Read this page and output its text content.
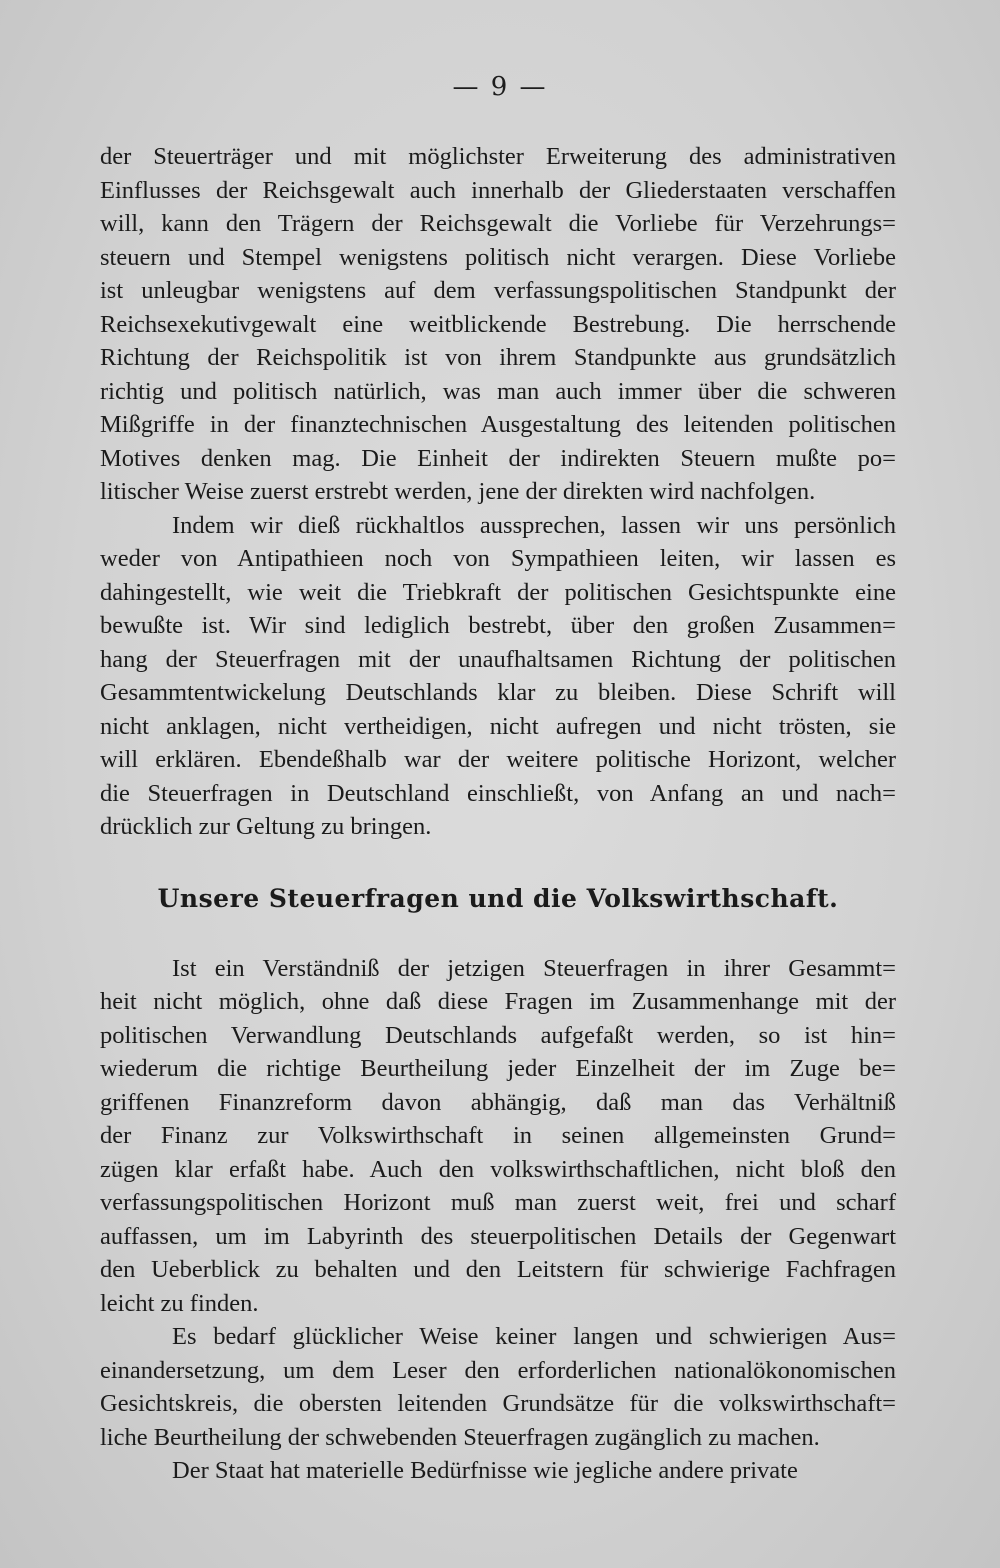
— 9 —
der Steuerträger und mit möglichster Erweiterung des administrativen
Einflusses der Reichsgewalt auch innerhalb der Gliederstaaten verschaffen
will, kann den Trägern der Reichsgewalt die Vorliebe für Verzehrungs=
steuern und Stempel wenigstens politisch nicht verargen. Diese Vorliebe
ist unleugbar wenigstens auf dem verfassungspolitischen Standpunkt der
Reichsexekutivgewalt eine weitblickende Bestrebung. Die herrschende
Richtung der Reichspolitik ist von ihrem Standpunkte aus grundsätzlich
richtig und politisch natürlich, was man auch immer über die schweren
Mißgriffe in der finanztechnischen Ausgestaltung des leitenden politischen
Motives denken mag. Die Einheit der indirekten Steuern mußte po=
litischer Weise zuerst erstrebt werden, jene der direkten wird nachfolgen.
Indem wir dieß rückhaltlos aussprechen, lassen wir uns persönlich
weder von Antipathieen noch von Sympathieen leiten, wir lassen es
dahingestellt, wie weit die Triebkraft der politischen Gesichtspunkte eine
bewußte ist. Wir sind lediglich bestrebt, über den großen Zusammen=
hang der Steuerfragen mit der unaufhaltsamen Richtung der politischen
Gesammtentwickelung Deutschlands klar zu bleiben. Diese Schrift will
nicht anklagen, nicht vertheidigen, nicht aufregen und nicht trösten, sie
will erklären. Ebendeßhalb war der weitere politische Horizont, welcher
die Steuerfragen in Deutschland einschließt, von Anfang an und nach=
drücklich zur Geltung zu bringen.
Unsere Steuerfragen und die Volkswirthschaft.
Ist ein Verständniß der jetzigen Steuerfragen in ihrer Gesammt=
heit nicht möglich, ohne daß diese Fragen im Zusammenhange mit der
politischen Verwandlung Deutschlands aufgefaßt werden, so ist hin=
wiederum die richtige Beurtheilung jeder Einzelheit der im Zuge be=
griffenen Finanzreform davon abhängig, daß man das Verhältniß
der Finanz zur Volkswirthschaft in seinen allgemeinsten Grund=
zügen klar erfaßt habe. Auch den volkswirthschaftlichen, nicht bloß den
verfassungspolitischen Horizont muß man zuerst weit, frei und scharf
auffassen, um im Labyrinth des steuerpolitischen Details der Gegenwart
den Ueberblick zu behalten und den Leitstern für schwierige Fachfragen
leicht zu finden.
Es bedarf glücklicher Weise keiner langen und schwierigen Aus=
einandersetzung, um dem Leser den erforderlichen nationalökonomischen
Gesichtskreis, die obersten leitenden Grundsätze für die volkswirthschaft=
liche Beurtheilung der schwebenden Steuerfragen zugänglich zu machen.
Der Staat hat materielle Bedürfnisse wie jegliche andere private
